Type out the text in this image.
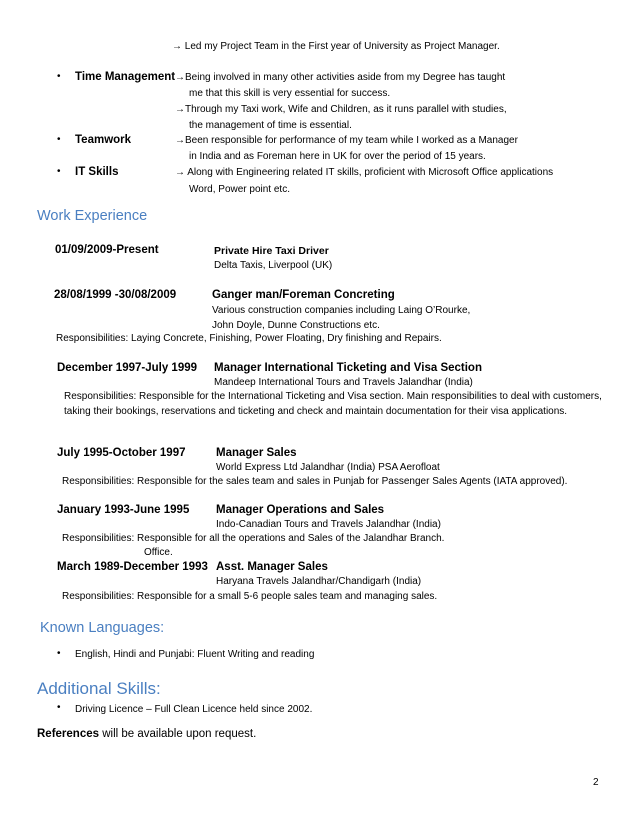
→ Led my Project Team in the First year of University as Project Manager.
• Time Management →Being involved in many other activities aside from my Degree has taught
me that this skill is very essential for success.
→Through my Taxi work, Wife and Children, as it runs parallel with studies,
the management of time is essential.
• Teamwork	→Been responsible for performance of my team while I worked as a Manager
in India and as Foreman here in UK for over the period of 15 years.
• IT Skills	→ Along with Engineering related IT skills, proficient with Microsoft Office applications
Word, Power point etc.
Work Experience
01/09/2009-Present	Private Hire Taxi Driver
Delta Taxis, Liverpool (UK)
28/08/1999 -30/08/2009	Ganger man/Foreman Concreting
Various construction companies including Laing O’Rourke,
John Doyle, Dunne Constructions etc.
Responsibilities: Laying Concrete, Finishing, Power Floating, Dry finishing and Repairs.
December 1997-July 1999 Manager International Ticketing and Visa Section
Mandeep International Tours and Travels Jalandhar (India)
Responsibilities: Responsible for the International Ticketing and Visa section. Main responsibilities to deal with customers, taking their bookings, reservations and ticketing and check and maintain documentation for their visa applications.
July 1995-October 1997	Manager Sales
World Express Ltd Jalandhar (India) PSA Aerofloat
Responsibilities: Responsible for the sales team and sales in Punjab for Passenger Sales Agents (IATA approved).
January 1993-June 1995 Manager Operations and Sales
Indo-Canadian Tours and Travels Jalandhar (India)
Responsibilities: Responsible for all the operations and Sales of the Jalandhar Branch.
Office.
March 1989-December 1993 Asst. Manager Sales
Haryana Travels Jalandhar/Chandigarh (India)
Responsibilities: Responsible for a small 5-6 people sales team and managing sales.
Known Languages:
• English, Hindi and Punjabi: Fluent Writing and reading
Additional Skills:
• Driving Licence – Full Clean Licence held since 2002.
References will be available upon request.
2
